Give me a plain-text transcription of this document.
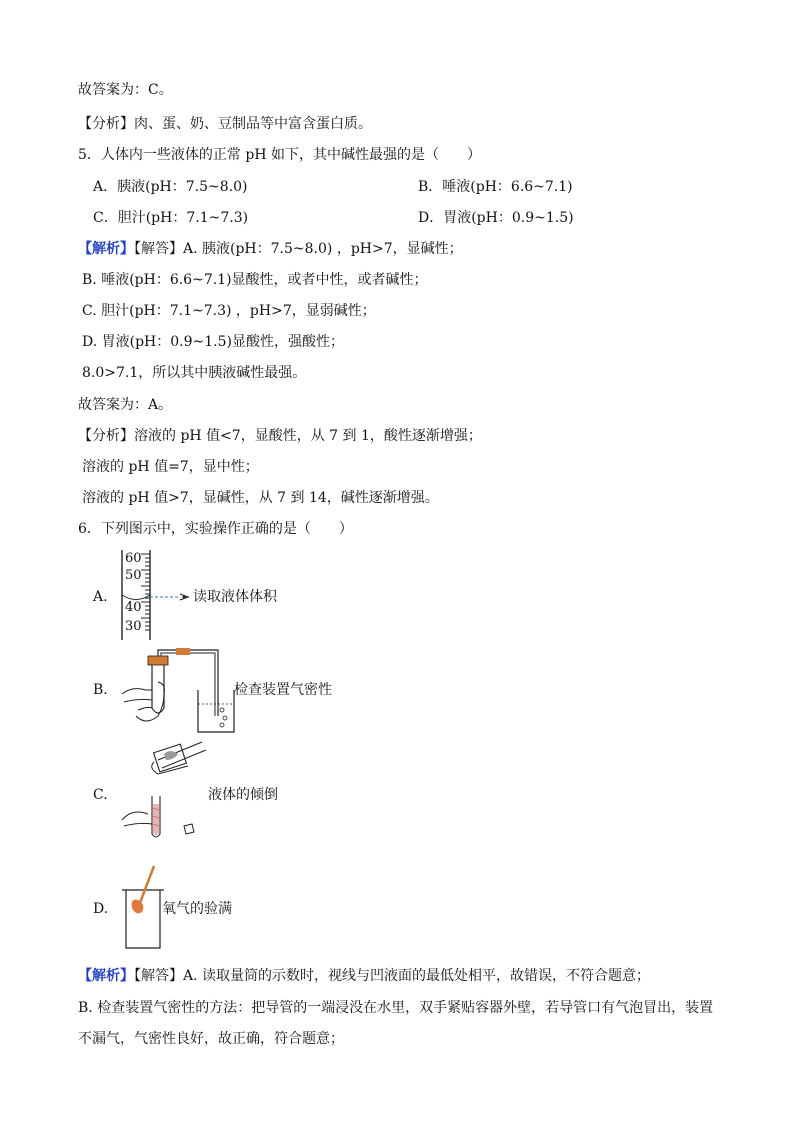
故答案为：C。
【分析】肉、蛋、奶、豆制品等中富含蛋白质。
5．人体内一些液体的正常 pH 如下，其中碱性最强的是（　　）
A．胰液(pH：7.5~8.0)	B．唾液(pH：6.6~7.1)
C．胆汁(pH：7.1~7.3)	D．胃液(pH：0.9~1.5)
【解析】【解答】A. 胰液(pH：7.5~8.0) ，pH>7，显碱性；
B. 唾液(pH：6.6~7.1)显酸性，或者中性，或者碱性；
C. 胆汁(pH：7.1~7.3) ，pH>7，显弱碱性；
D. 胃液(pH：0.9~1.5)显酸性，强酸性；
8.0>7.1，所以其中胰液碱性最强。
故答案为：A。
【分析】溶液的 pH 值<7，显酸性，从 7 到 1，酸性逐渐增强；
溶液的 pH 值=7，显中性；
溶液的 pH 值>7，显碱性，从 7 到 14，碱性逐渐增强。
6．下列图示中，实验操作正确的是（　　）
A.
60
50
40
30
读取液体体积
B.	检查装置气密性
C.	液体的倾倒
D.	氧气的验满
【解析】【解答】A. 读取量筒的示数时，视线与凹液面的最低处相平，故错误，不符合题意；
B. 检查装置气密性的方法：把导管的一端浸没在水里，双手紧贴容器外壁，若导管口有气泡冒出，装置
不漏气，气密性良好，故正确，符合题意；
